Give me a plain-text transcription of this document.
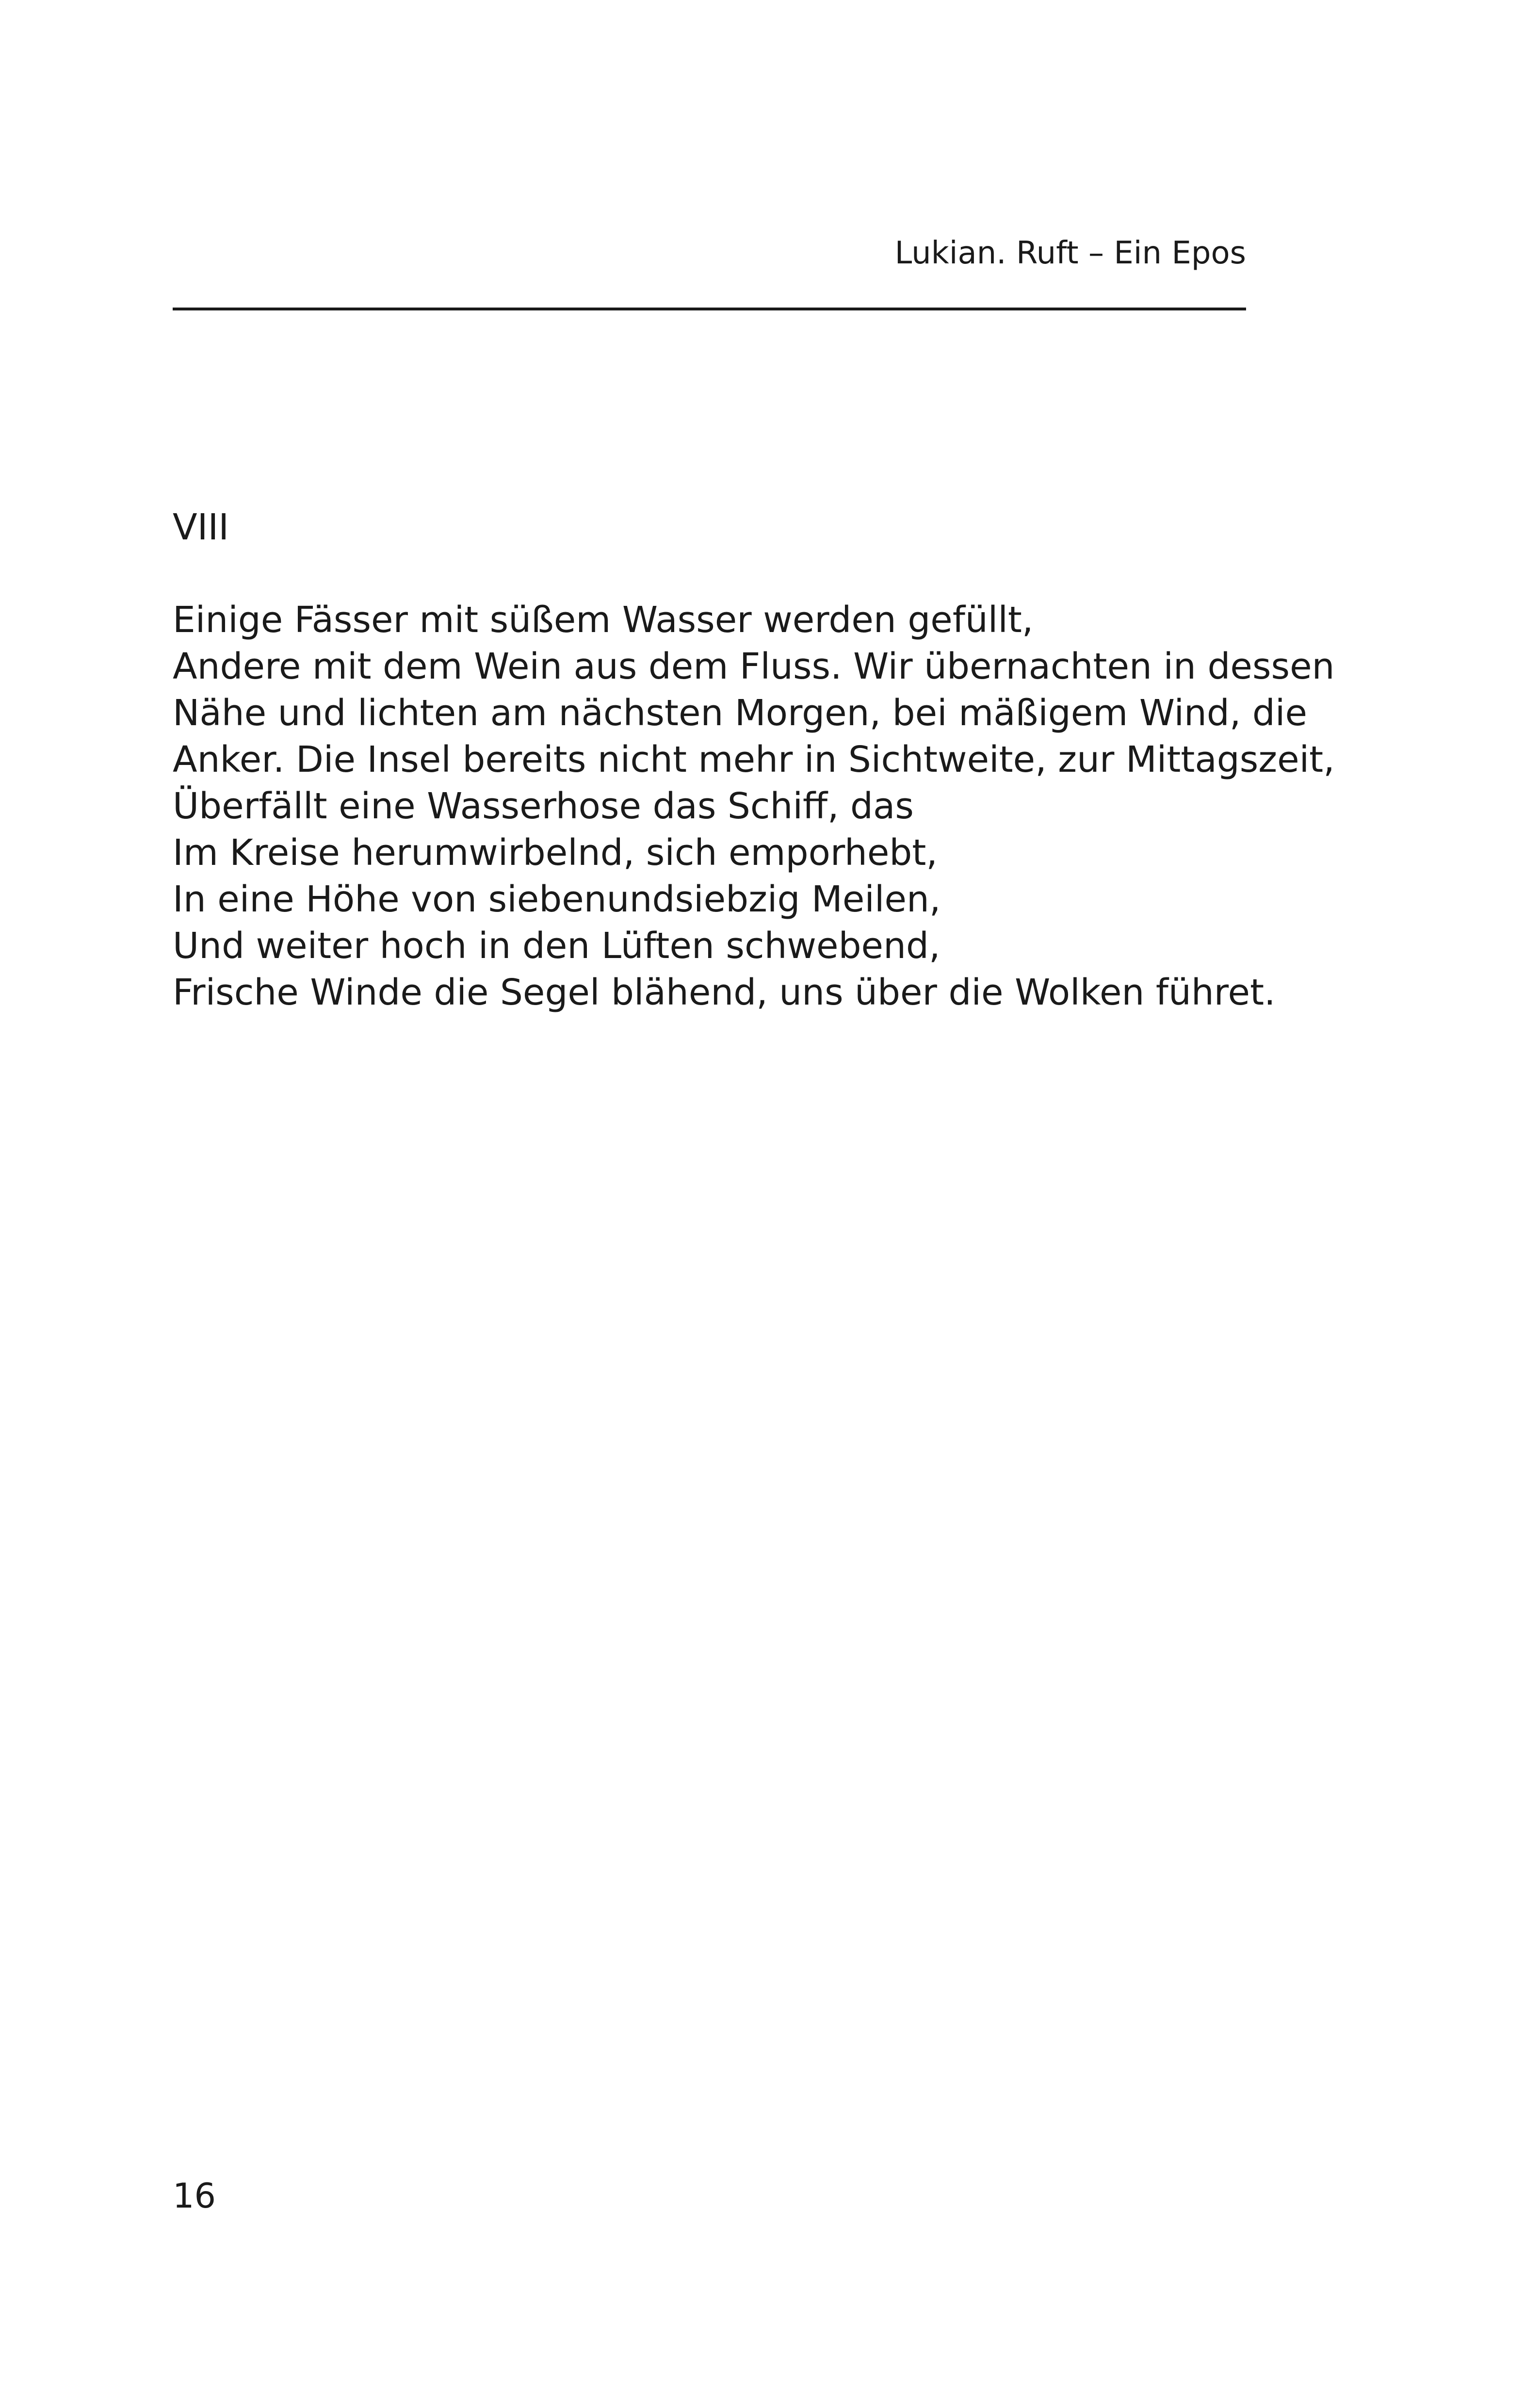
Lukian. Ruft – Ein Epos
VIII
Einige Fässer mit süßem Wasser werden gefüllt,
Andere mit dem Wein aus dem Fluss. Wir übernachten in dessen
Nähe und lichten am nächsten Morgen, bei mäßigem Wind, die
Anker. Die Insel bereits nicht mehr in Sichtweite, zur Mittagszeit,
Überfällt eine Wasserhose das Schiff, das
Im Kreise herumwirbelnd, sich emporhebt,
In eine Höhe von siebenundsiebzig Meilen,
Und weiter hoch in den Lüften schwebend,
Frische Winde die Segel blähend, uns über die Wolken führet.
16
